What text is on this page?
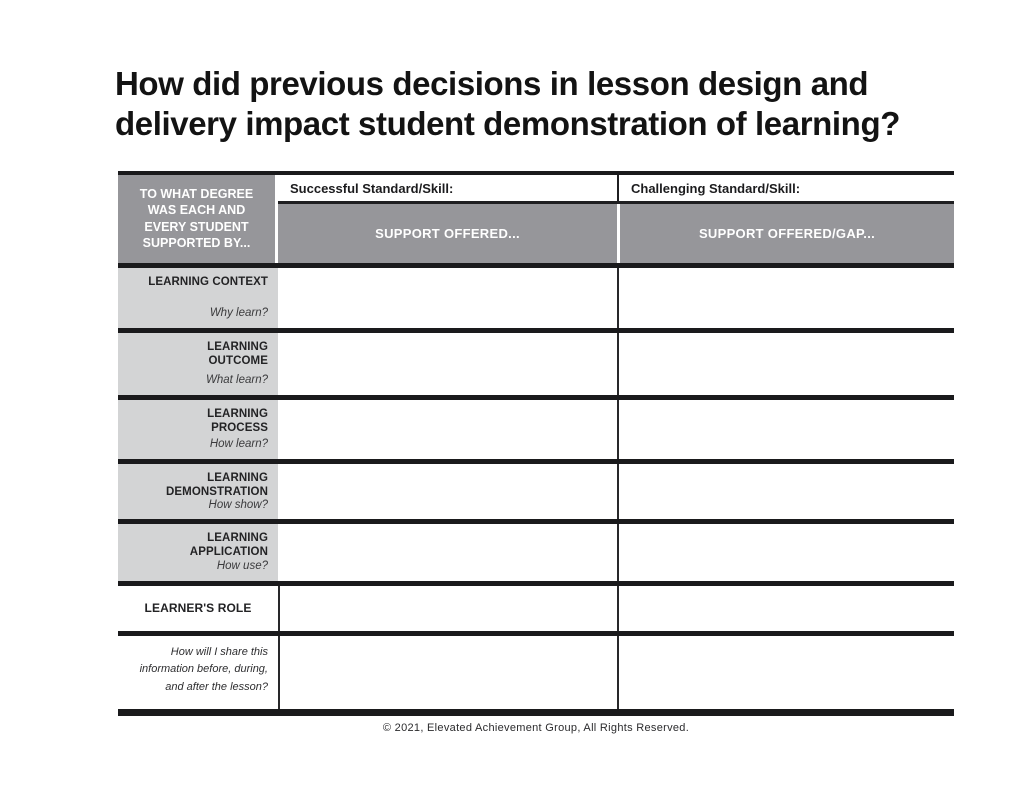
How did previous decisions in lesson design and
delivery impact student demonstration of learning?
TO WHAT DEGREE WAS EACH AND EVERY STUDENT SUPPORTED BY...
Successful Standard/Skill:
SUPPORT OFFERED...
Challenging Standard/Skill:
SUPPORT OFFERED/GAP...
LEARNING CONTEXT
Why learn?
LEARNING OUTCOME
What learn?
LEARNING PROCESS
How learn?
LEARNING DEMONSTRATION
How show?
LEARNING APPLICATION
How use?
LEARNER'S ROLE
How will I share this information before, during, and after the lesson?
© 2021, Elevated Achievement Group, All Rights Reserved.
